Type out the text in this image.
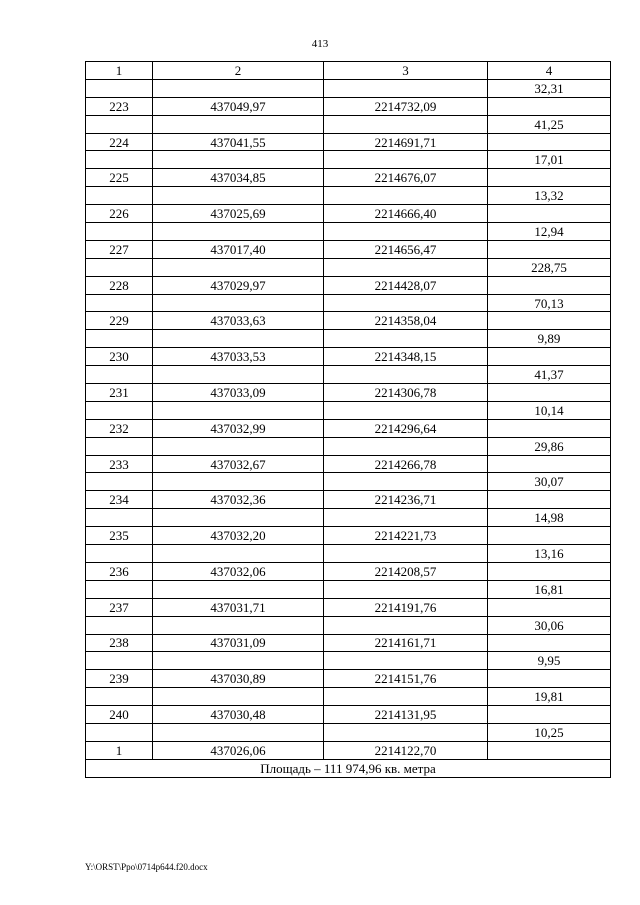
413
1	2	3	4
			32,31
223	437049,97	2214732,09	
			41,25
224	437041,55	2214691,71	
			17,01
225	437034,85	2214676,07	
			13,32
226	437025,69	2214666,40	
			12,94
227	437017,40	2214656,47	
			228,75
228	437029,97	2214428,07	
			70,13
229	437033,63	2214358,04	
			9,89
230	437033,53	2214348,15	
			41,37
231	437033,09	2214306,78	
			10,14
232	437032,99	2214296,64	
			29,86
233	437032,67	2214266,78	
			30,07
234	437032,36	2214236,71	
			14,98
235	437032,20	2214221,73	
			13,16
236	437032,06	2214208,57	
			16,81
237	437031,71	2214191,76	
			30,06
238	437031,09	2214161,71	
			9,95
239	437030,89	2214151,76	
			19,81
240	437030,48	2214131,95	
			10,25
1	437026,06	2214122,70	
Площадь – 111 974,96 кв. метра			
Y:\ORST\Ppo\0714p644.f20.docx
